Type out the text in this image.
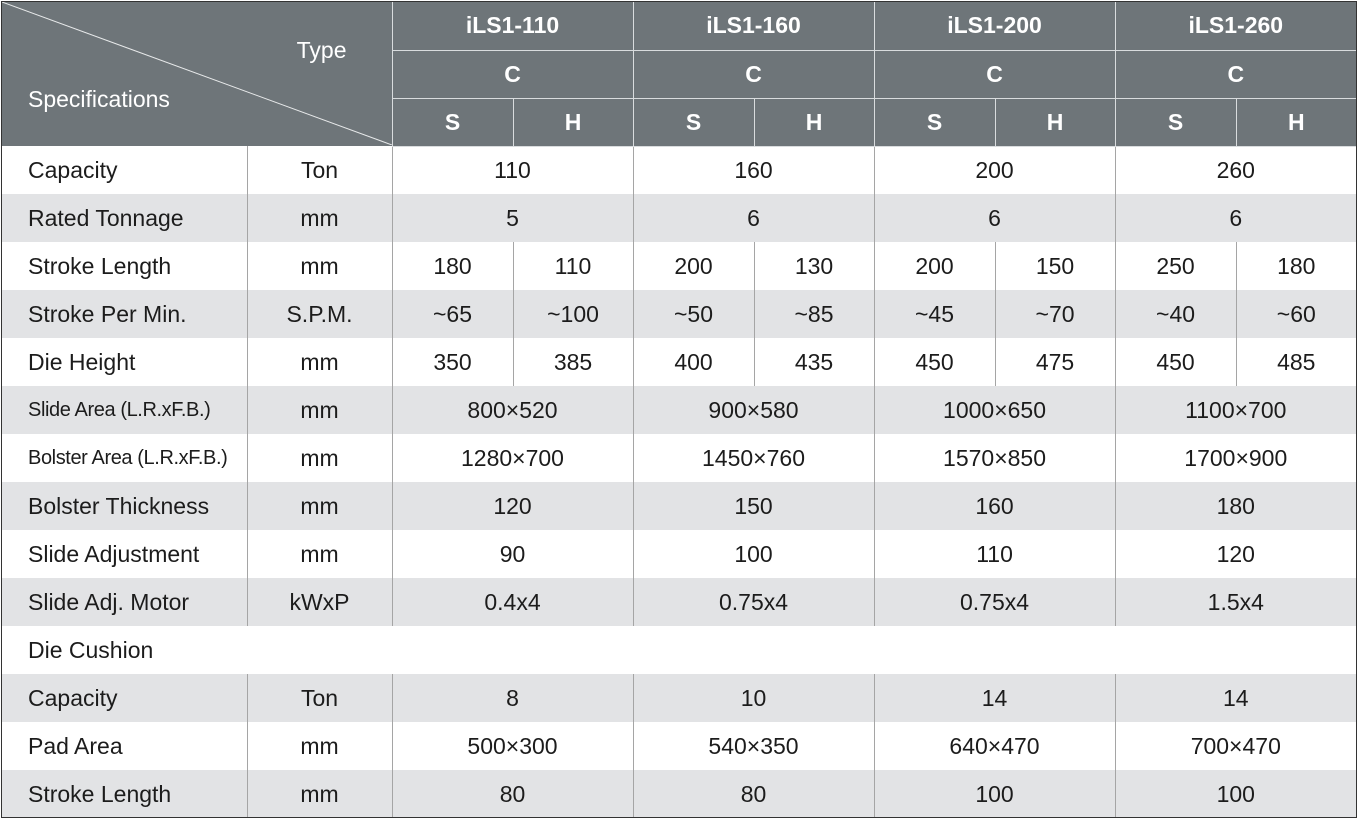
Type
Specifications		iLS1-110		iLS1-160		iLS1-200		iLS1-260	
		C		C		C		C	
		S	H	S	H	S	H	S	H
Capacity	Ton	110		160		200		260	
Rated Tonnage	mm	5		6		6		6	
Stroke Length	mm	180	110	200	130	200	150	250	180
Stroke Per Min.	S.P.M.	~65	~100	~50	~85	~45	~70	~40	~60
Die Height	mm	350	385	400	435	450	475	450	485
Slide Area (L.R.xF.B.)	mm	800×520		900×580		1000×650		1100×700	
Bolster Area (L.R.xF.B.)	mm	1280×700		1450×760		1570×850		1700×900	
Bolster Thickness	mm	120		150		160		180	
Slide Adjustment	mm	90		100		110		120	
Slide Adj. Motor	kWxP	0.4x4		0.75x4		0.75x4		1.5x4	
Die Cushion									
Capacity	Ton	8		10		14		14	
Pad Area	mm	500×300		540×350		640×470		700×470	
Stroke Length	mm	80		80		100		100	
